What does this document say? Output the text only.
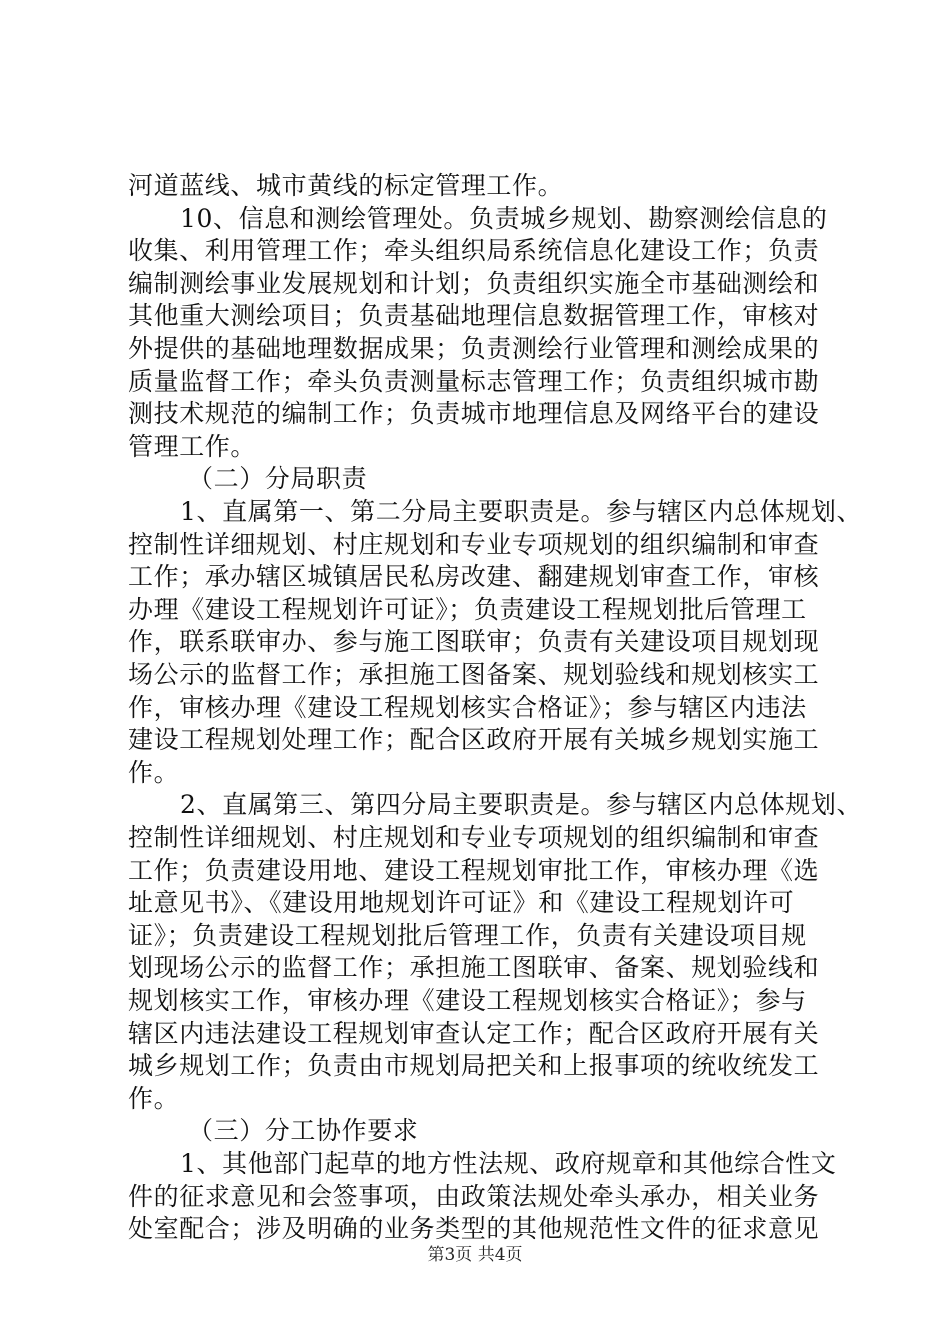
河道蓝线、城市黄线的标定管理工作。
10、信息和测绘管理处。负责城乡规划、勘察测绘信息的
收集、利用管理工作；牵头组织局系统信息化建设工作；负责
编制测绘事业发展规划和计划；负责组织实施全市基础测绘和
其他重大测绘项目；负责基础地理信息数据管理工作，审核对
外提供的基础地理数据成果；负责测绘行业管理和测绘成果的
质量监督工作；牵头负责测量标志管理工作；负责组织城市勘
测技术规范的编制工作；负责城市地理信息及网络平台的建设
管理工作。
（二）分局职责
1、直属第一、第二分局主要职责是。参与辖区内总体规划、
控制性详细规划、村庄规划和专业专项规划的组织编制和审查
工作；承办辖区城镇居民私房改建、翻建规划审查工作，审核
办理《建设工程规划许可证》；负责建设工程规划批后管理工
作，联系联审办、参与施工图联审；负责有关建设项目规划现
场公示的监督工作；承担施工图备案、规划验线和规划核实工
作，审核办理《建设工程规划核实合格证》；参与辖区内违法
建设工程规划处理工作；配合区政府开展有关城乡规划实施工
作。
2、直属第三、第四分局主要职责是。参与辖区内总体规划、
控制性详细规划、村庄规划和专业专项规划的组织编制和审查
工作；负责建设用地、建设工程规划审批工作，审核办理《选
址意见书》、《建设用地规划许可证》和《建设工程规划许可
证》；负责建设工程规划批后管理工作，负责有关建设项目规
划现场公示的监督工作；承担施工图联审、备案、规划验线和
规划核实工作，审核办理《建设工程规划核实合格证》；参与
辖区内违法建设工程规划审查认定工作；配合区政府开展有关
城乡规划工作；负责由市规划局把关和上报事项的统收统发工
作。
（三）分工协作要求
1、其他部门起草的地方性法规、政府规章和其他综合性文
件的征求意见和会签事项，由政策法规处牵头承办，相关业务
处室配合；涉及明确的业务类型的其他规范性文件的征求意见
第3页 共4页
